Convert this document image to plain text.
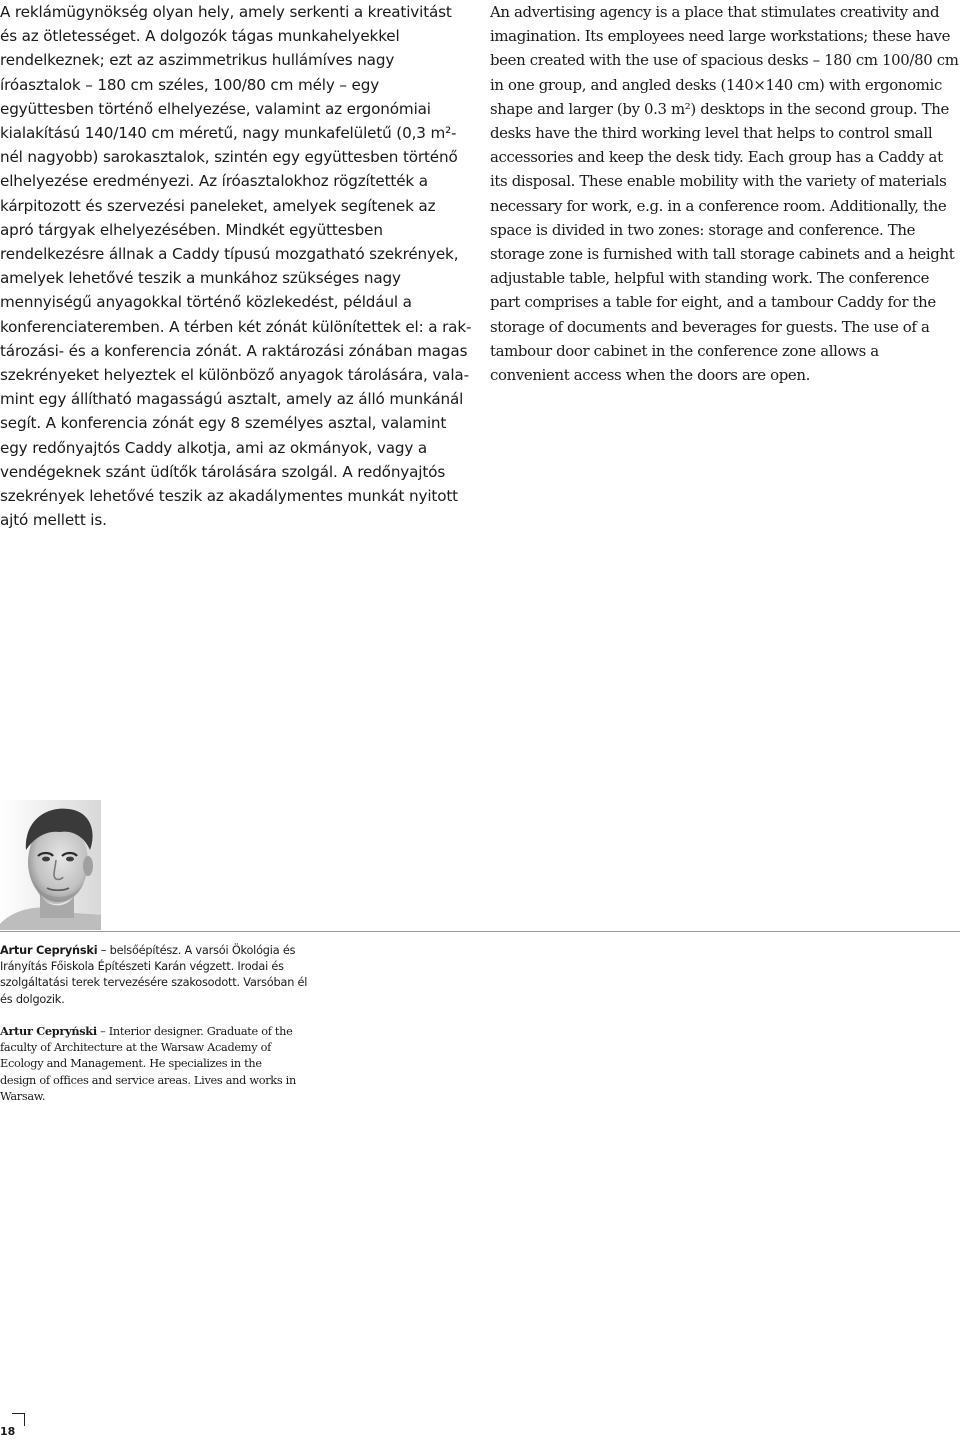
A reklámügynökség olyan hely, amely serkenti a kreativitást és az ötletességet. A dolgozók tágas munkahelyekkel rendelkeznek; ezt az aszimmetrikus hullámíves nagy íróasztalok – 180 cm széles, 100/80 cm mély – egy együttesben történő elhelyezése, valamint az ergonómiai kialakítású 140/140 cm méretű, nagy munkafelületű (0,3 m²-nél nagyobb) sarokasztalok, szintén egy együttesben történő elhelyezése eredményezi. Az íróasztalokhoz rögzítették a kárpitozott és szervezési paneleket, amelyek segítenek az apró tárgyak elhelyezésében. Mindkét együttesben rendelkezésre állnak a Caddy típusú mozgatható szekrények, amelyek lehetővé teszik a munkához szükséges nagy mennyiségű anyagokkal történő közlekedést, például a konferenciateremben. A térben két zónát különítettek el: a raktározási- és a konferencia zónát. A raktározási zónában magas szekrényeket helyeztek el különböző anyagok tárolására, valamint egy állítható magasságú asztalt, amely az álló munkánál segít. A konferencia zónát egy 8 személyes asztal, valamint egy redőnyajtós Caddy alkotja, ami az okmányok, vagy a vendégeknek szánt üdítők tárolására szolgál. A redőnyajtós szekrények lehetővé teszik az akadálymentes munkát nyitott ajtó mellett is.

An advertising agency is a place that stimulates creativity and imagination. Its employees need large workstations; these have been created with the use of spacious desks – 180 cm 100/80 cm in one group, and angled desks (140×140 cm) with ergonomic shape and larger (by 0.3 m²) desktops in the second group. The desks have the third working level that helps to control small accessories and keep the desk tidy. Each group has a Caddy at its disposal. These enable mobility with the variety of materials necessary for work, e.g. in a conference room. Additionally, the space is divided in two zones: storage and conference. The storage zone is furnished with tall storage cabinets and a height adjustable table, helpful with standing work. The conference part comprises a table for eight, and a tambour Caddy for the storage of documents and beverages for guests. The use of a tambour door cabinet in the conference zone allows a convenient access when the doors are open.

Artur Cepryński – belsőépítész. A varsói Ökológia és Irányítás Főiskola Építészeti Karán végzett. Irodai és szolgáltatási terek tervezésére szakosodott. Varsóban él és dolgozik.

Artur Cepryński – Interior designer. Graduate of the faculty of Architecture at the Warsaw Academy of Ecology and Management. He specializes in the design of offices and service areas. Lives and works in Warsaw.

18
